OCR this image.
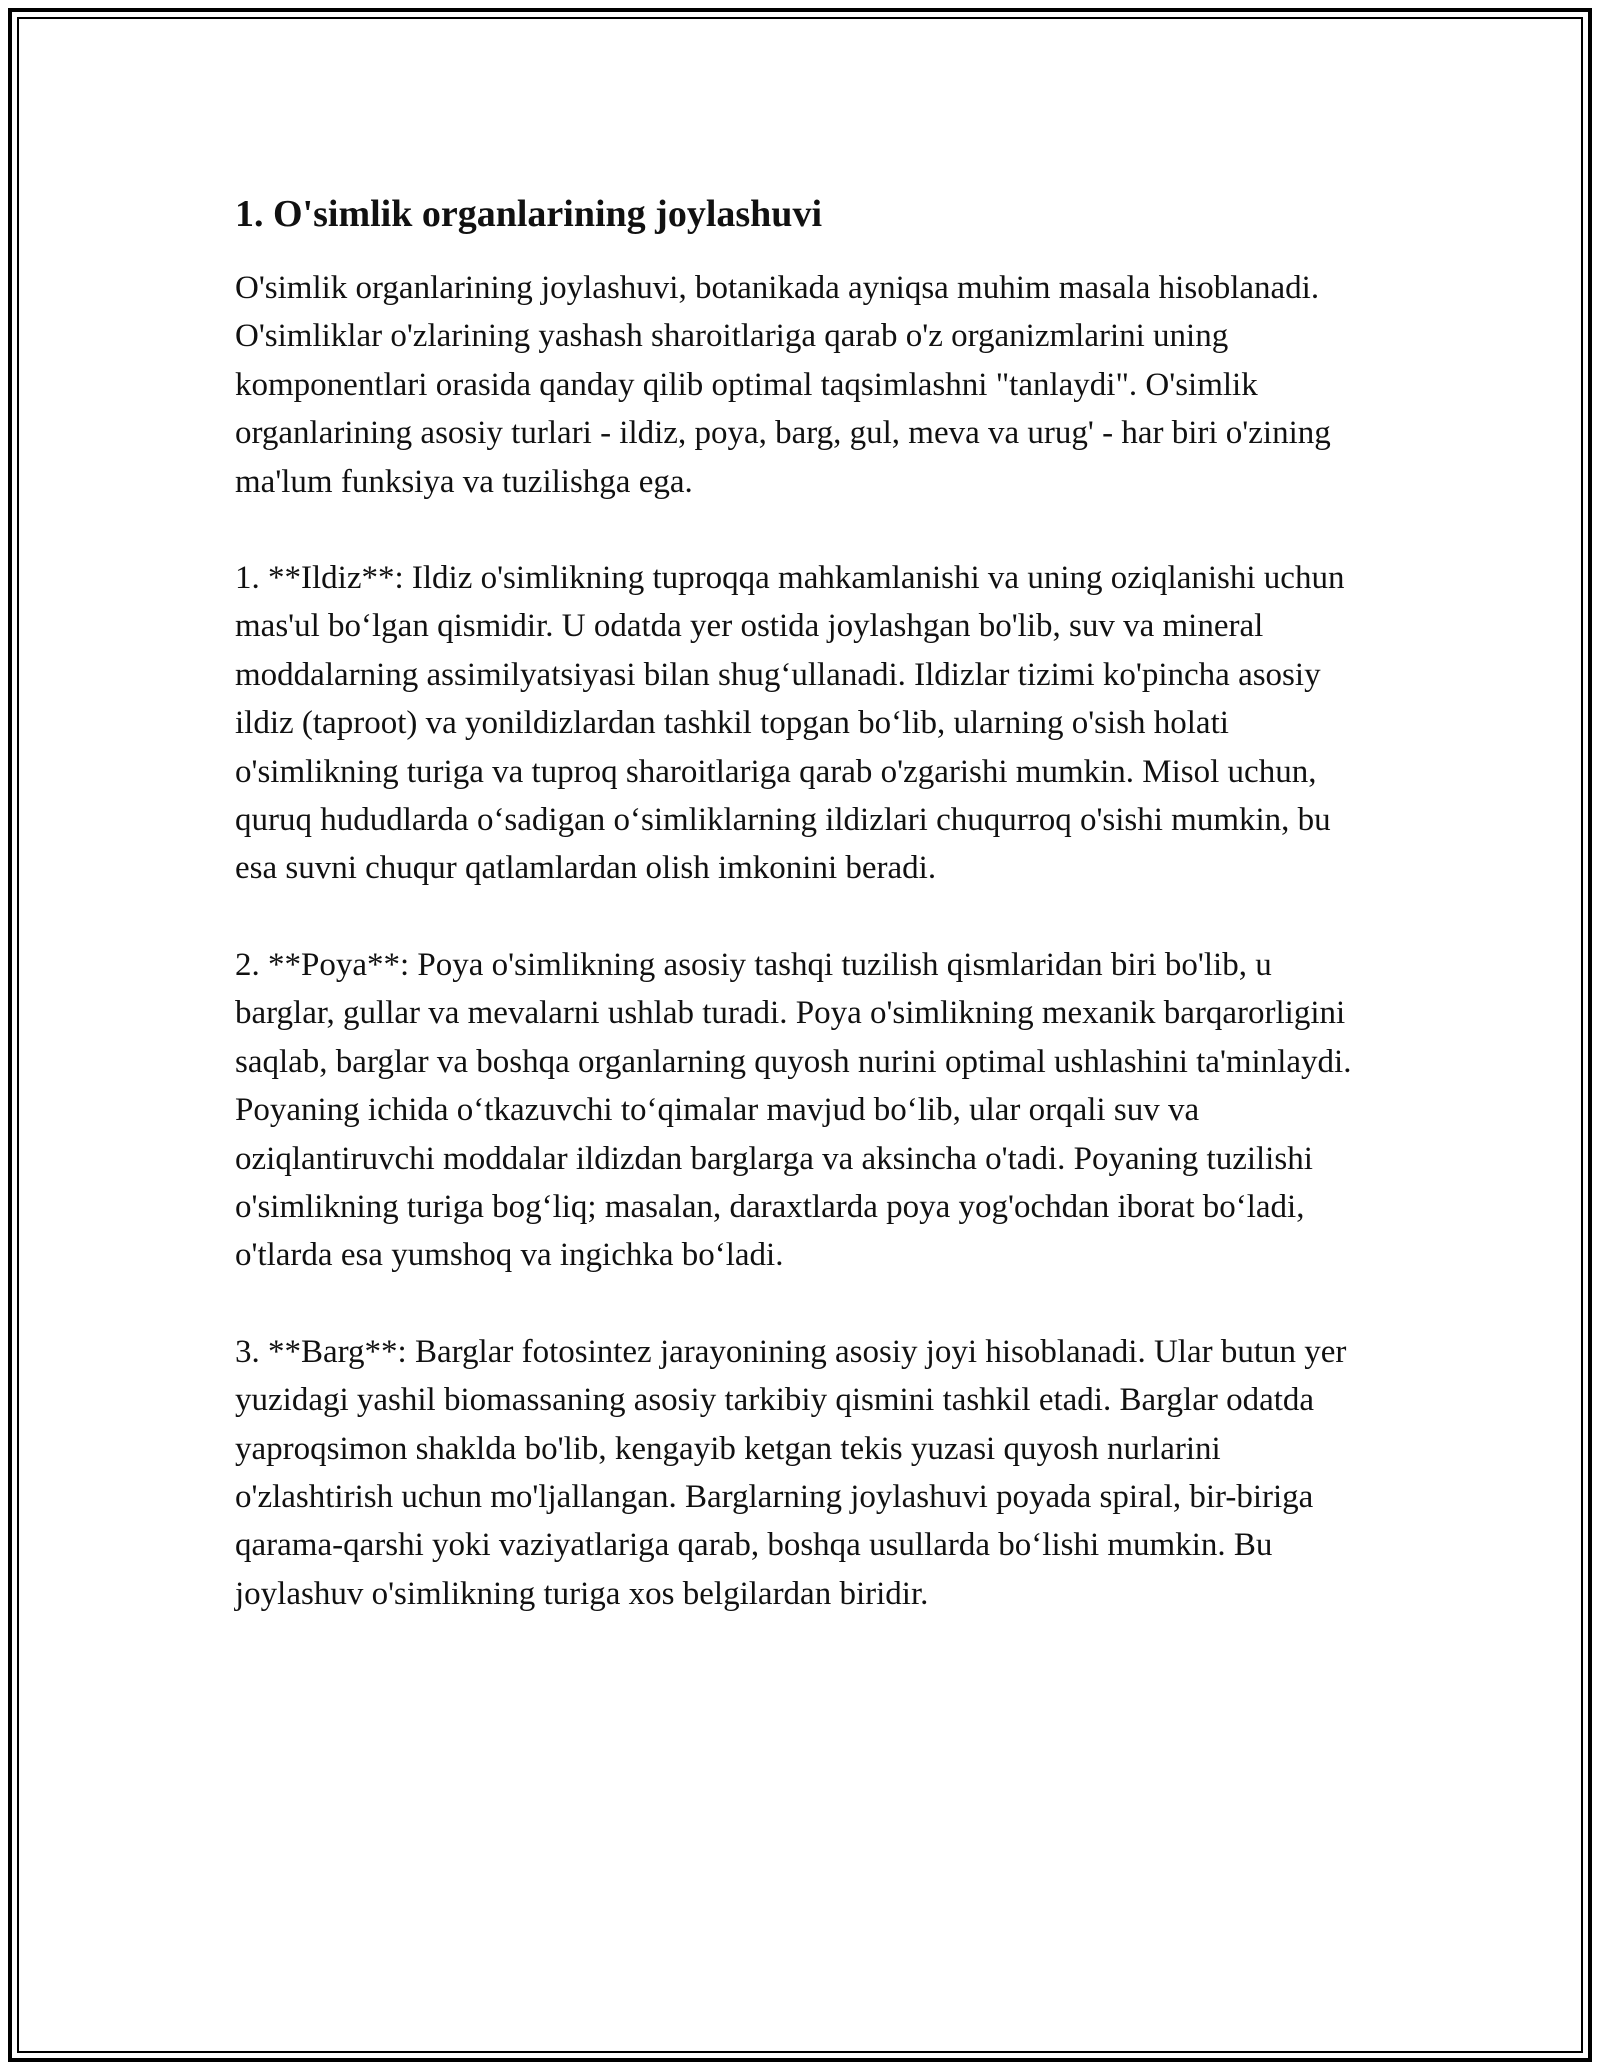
1. O'simlik organlarining joylashuvi

O'simlik organlarining joylashuvi, botanikada ayniqsa muhim masala hisoblanadi. O'simliklar o'zlarining yashash sharoitlariga qarab o'z organizmlarini uning komponentlari orasida qanday qilib optimal taqsimlashni "tanlaydi". O'simlik organlarining asosiy turlari - ildiz, poya, barg, gul, meva va urug' - har biri o'zining ma'lum funksiya va tuzilishga ega.

1. **Ildiz**: Ildiz o'simlikning tuproqqa mahkamlanishi va uning oziqlanishi uchun mas'ul bo‘lgan qismidir. U odatda yer ostida joylashgan bo'lib, suv va mineral moddalarning assimilyatsiyasi bilan shug‘ullanadi. Ildizlar tizimi ko'pincha asosiy ildiz (taproot) va yonildizlardan tashkil topgan bo‘lib, ularning o'sish holati o'simlikning turiga va tuproq sharoitlariga qarab o'zgarishi mumkin. Misol uchun, quruq hududlarda o‘sadigan o‘simliklarning ildizlari chuqurroq o'sishi mumkin, bu esa suvni chuqur qatlamlardan olish imkonini beradi.

2. **Poya**: Poya o'simlikning asosiy tashqi tuzilish qismlaridan biri bo'lib, u barglar, gullar va mevalarni ushlab turadi. Poya o'simlikning mexanik barqarorligini saqlab, barglar va boshqa organlarning quyosh nurini optimal ushlashini ta'minlaydi. Poyaning ichida o‘tkazuvchi to‘qimalar mavjud bo‘lib, ular orqali suv va oziqlantiruvchi moddalar ildizdan barglarga va aksincha o'tadi. Poyaning tuzilishi o'simlikning turiga bog‘liq; masalan, daraxtlarda poya yog'ochdan iborat bo‘ladi, o'tlarda esa yumshoq va ingichka bo‘ladi.

3. **Barg**: Barglar fotosintez jarayonining asosiy joyi hisoblanadi. Ular butun yer yuzidagi yashil biomassaning asosiy tarkibiy qismini tashkil etadi. Barglar odatda yaproqsimon shaklda bo'lib, kengayib ketgan tekis yuzasi quyosh nurlarini o'zlashtirish uchun mo'ljallangan. Barglarning joylashuvi poyada spiral, bir-biriga qarama-qarshi yoki vaziyatlariga qarab, boshqa usullarda bo‘lishi mumkin. Bu joylashuv o'simlikning turiga xos belgilardan biridir.
